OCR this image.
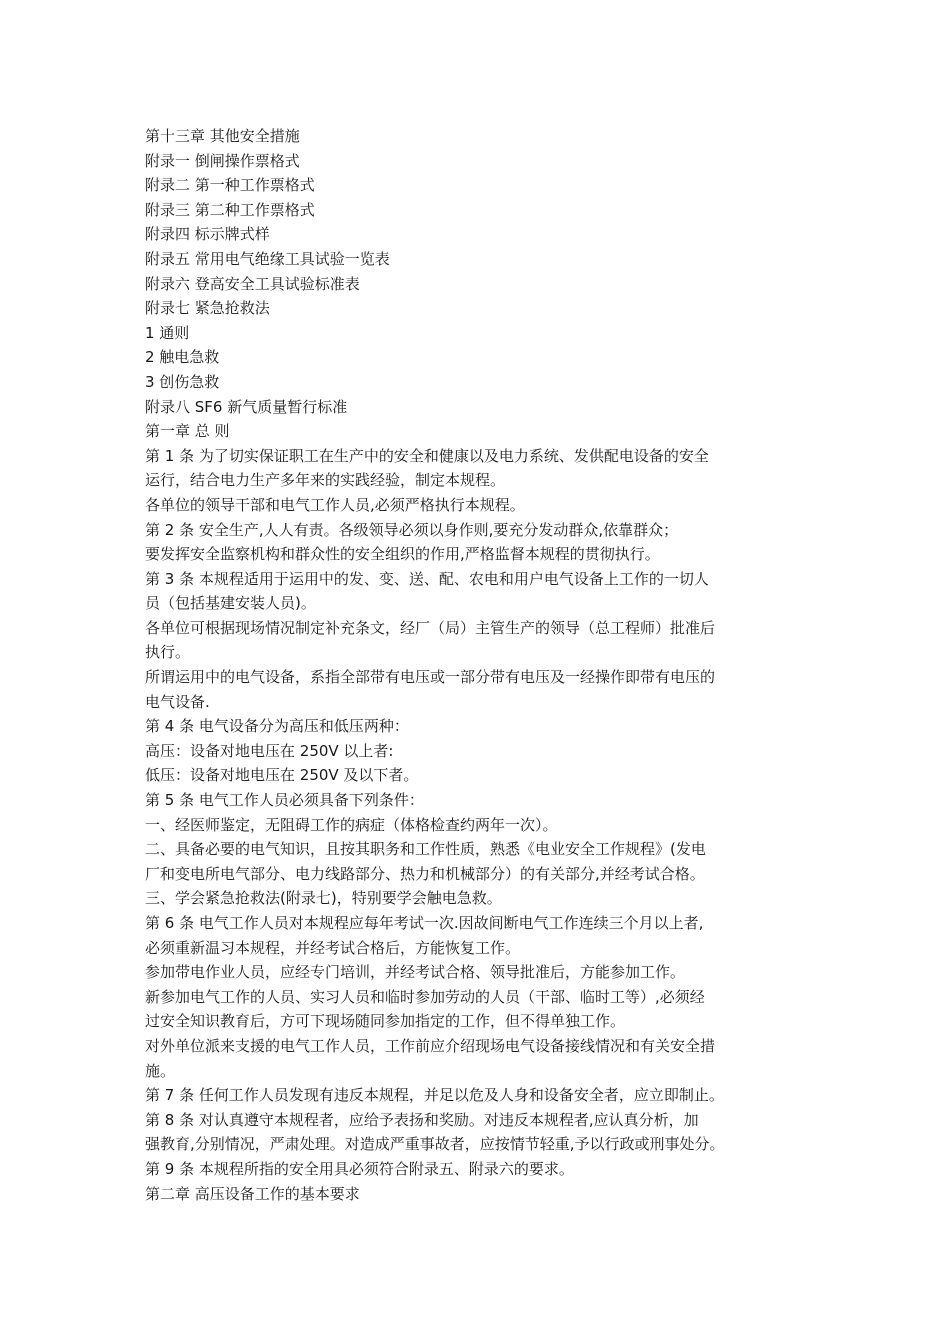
第十三章 其他安全措施
附录一 倒闸操作票格式
附录二 第一种工作票格式
附录三 第二种工作票格式
附录四 标示牌式样
附录五 常用电气绝缘工具试验一览表
附录六 登高安全工具试验标准表
附录七 紧急抢救法
1 通则
2 触电急救
3 创伤急救
附录八 SF6 新气质量暂行标准
第一章 总 则
第 1 条 为了切实保证职工在生产中的安全和健康以及电力系统、发供配电设备的安全
运行，结合电力生产多年来的实践经验，制定本规程。
各单位的领导干部和电气工作人员,必须严格执行本规程。
第 2 条 安全生产,人人有责。各级领导必须以身作则,要充分发动群众,依靠群众；
要发挥安全监察机构和群众性的安全组织的作用,严格监督本规程的贯彻执行。
第 3 条 本规程适用于运用中的发、变、送、配、农电和用户电气设备上工作的一切人
员（包括基建安装人员)。
各单位可根据现场情况制定补充条文，经厂（局）主管生产的领导（总工程师）批准后
执行。
所谓运用中的电气设备，系指全部带有电压或一部分带有电压及一经操作即带有电压的
电气设备.
第 4 条 电气设备分为高压和低压两种：
高压：设备对地电压在 250V 以上者:
低压：设备对地电压在 250V 及以下者。
第 5 条 电气工作人员必须具备下列条件：
一、经医师鉴定，无阻碍工作的病症（体格检查约两年一次）。
二、具备必要的电气知识，且按其职务和工作性质，熟悉《电业安全工作规程》(发电
厂和变电所电气部分、电力线路部分、热力和机械部分）的有关部分,并经考试合格。
三、学会紧急抢救法(附录七)，特别要学会触电急救。
第 6 条 电气工作人员对本规程应每年考试一次.因故间断电气工作连续三个月以上者,
必须重新温习本规程，并经考试合格后，方能恢复工作。
参加带电作业人员，应经专门培训，并经考试合格、领导批准后，方能参加工作。
新参加电气工作的人员、实习人员和临时参加劳动的人员（干部、临时工等）,必须经
过安全知识教育后，方可下现场随同参加指定的工作，但不得单独工作。
对外单位派来支援的电气工作人员，工作前应介绍现场电气设备接线情况和有关安全措
施。
第 7 条 任何工作人员发现有违反本规程，并足以危及人身和设备安全者，应立即制止。
第 8 条 对认真遵守本规程者，应给予表扬和奖励。对违反本规程者,应认真分析，加
强教育,分别情况，严肃处理。对造成严重事故者，应按情节轻重,予以行政或刑事处分。
第 9 条 本规程所指的安全用具必须符合附录五、附录六的要求。
第二章 高压设备工作的基本要求
